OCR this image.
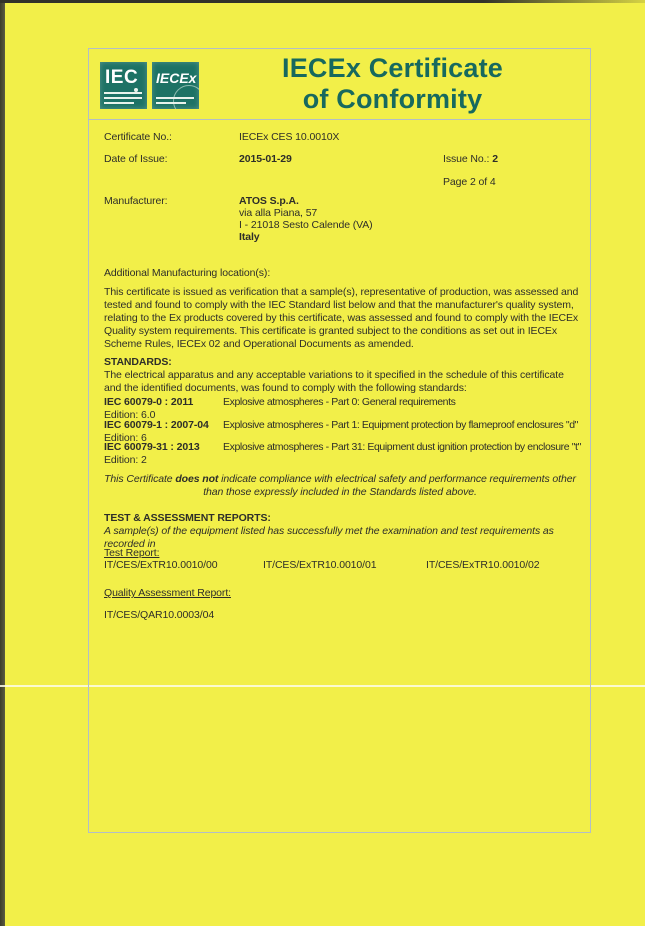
IEC IECEx	IECEx Certificate
of Conformity
Certificate No.:	IECEx CES 10.0010X
Date of Issue:	2015-01-29	Issue No.: 2
Page 2 of 4
Manufacturer:	ATOS S.p.A.
via alla Piana, 57
I - 21018 Sesto Calende (VA)
Italy
Additional Manufacturing location(s):
This certificate is issued as verification that a sample(s), representative of production, was assessed and tested and found to comply with the IEC Standard list below and that the manufacturer's quality system, relating to the Ex products covered by this certificate, was assessed and found to comply with the IECEx Quality system requirements. This certificate is granted subject to the conditions as set out in IECEx Scheme Rules, IECEx 02 and Operational Documents as amended.
STANDARDS:
The electrical apparatus and any acceptable variations to it specified in the schedule of this certificate and the identified documents, was found to comply with the following standards:
IEC 60079-0 : 2011	Explosive atmospheres - Part 0: General requirements
Edition: 6.0
IEC 60079-1 : 2007-04 Explosive atmospheres - Part 1: Equipment protection by flameproof enclosures "d"
Edition: 6
IEC 60079-31 : 2013 Explosive atmospheres - Part 31: Equipment dust ignition protection by enclosure "t"
Edition: 2
This Certificate does not indicate compliance with electrical safety and performance requirements other than those expressly included in the Standards listed above.
TEST & ASSESSMENT REPORTS:
A sample(s) of the equipment listed has successfully met the examination and test requirements as recorded in
Test Report:
IT/CES/ExTR10.0010/00	IT/CES/ExTR10.0010/01	IT/CES/ExTR10.0010/02
Quality Assessment Report:
IT/CES/QAR10.0003/04
